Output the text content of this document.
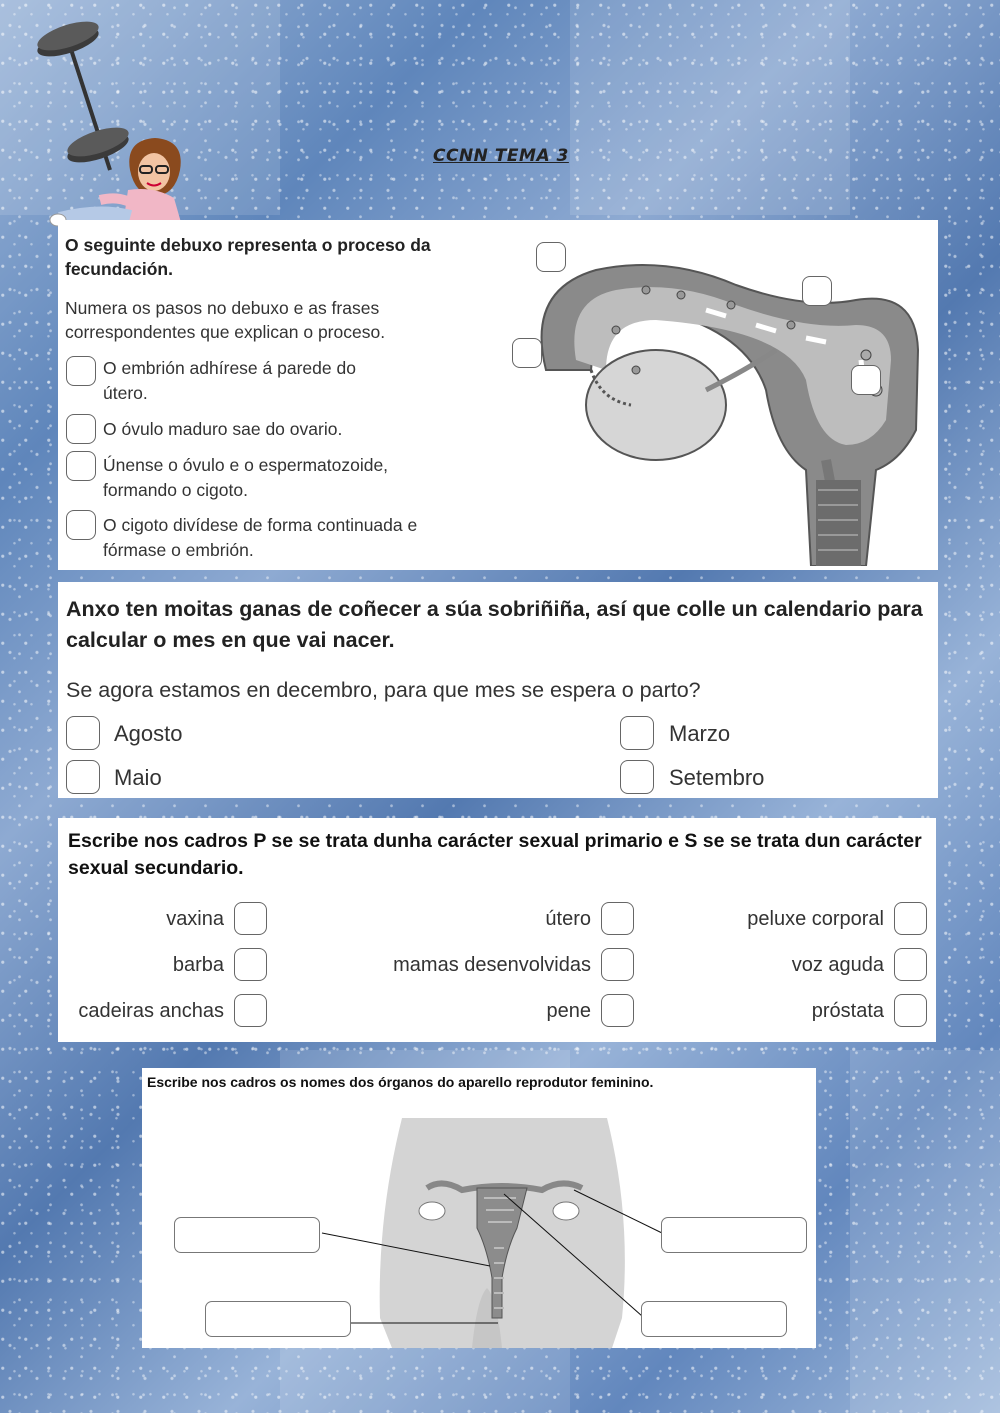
CCNN TEMA 3
O seguinte debuxo representa o proceso da fecundación.
Numera os pasos no debuxo e as frases correspondentes que explican o proceso.
O embrión adhírese á parede do útero.
O óvulo maduro sae do ovario.
Únense o óvulo e o espermatozoide, formando o cigoto.
O cigoto divídese de forma continuada e fórmase o embrión.
Anxo ten moitas ganas de coñecer a súa sobriñiña, así que colle un calendario para calcular o mes en que vai nacer.
Se agora estamos en decembro, para que mes se espera o parto?
Agosto	Marzo
Maio	Setembro
Escribe nos cadros P se se trata dunha carácter sexual primario e S se se trata dun carácter sexual secundario.
vaxina	útero	peluxe corporal
barba	mamas desenvolvidas	voz aguda
cadeiras anchas	pene	próstata
Escribe nos cadros os nomes dos órganos do aparello reprodutor feminino.
